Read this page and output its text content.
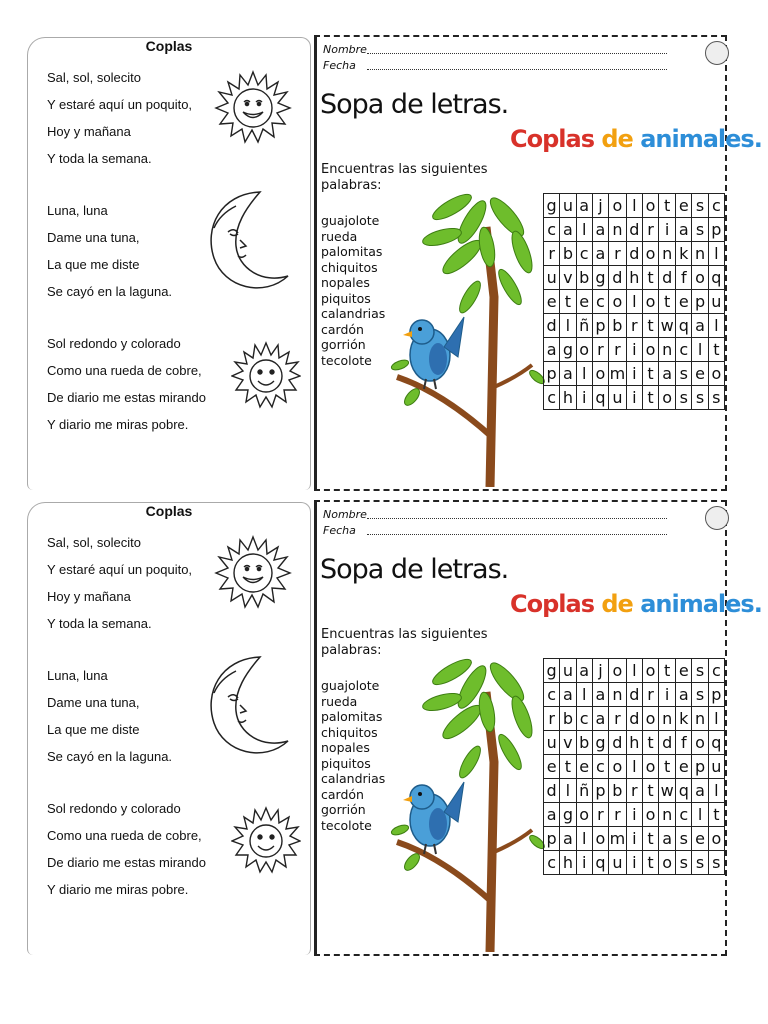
Coplas
Sal, sol, solecito
Y estaré aquí un poquito,
Hoy y mañana
Y toda la semana.
Luna, luna
Dame una tuna,
La que me diste
Se cayó en la laguna.
Sol redondo y colorado
Como una rueda de cobre,
De diario me estas mirando
Y diario me miras pobre.
Nombre
Fecha
Sopa de letras.
Coplas de animales.
Encuentras las siguientes
palabras:
guajolote
rueda
palomitas
chiquitos
nopales
piquitos
calandrias
cardón
gorrión
tecolote
g	u	a	j	o	l	o	t	e	s	c
c	a	l	a	n	d	r	i	a	s	p
r	b	c	a	r	d	o	n	k	n	l
u	v	b	g	d	h	t	d	f	o	q
e	t	e	c	o	l	o	t	e	p	u
d	l	ñ	p	b	r	t	w	q	a	l
a	g	o	r	r	i	o	n	c	l	t
p	a	l	o	m	i	t	a	s	e	o
c	h	i	q	u	i	t	o	s	s	s
Coplas
Sal, sol, solecito
Y estaré aquí un poquito,
Hoy y mañana
Y toda la semana.
Luna, luna
Dame una tuna,
La que me diste
Se cayó en la laguna.
Sol redondo y colorado
Como una rueda de cobre,
De diario me estas mirando
Y diario me miras pobre.
Nombre
Fecha
Sopa de letras.
Coplas de animales.
Encuentras las siguientes
palabras:
guajolote
rueda
palomitas
chiquitos
nopales
piquitos
calandrias
cardón
gorrión
tecolote
g	u	a	j	o	l	o	t	e	s	c
c	a	l	a	n	d	r	i	a	s	p
r	b	c	a	r	d	o	n	k	n	l
u	v	b	g	d	h	t	d	f	o	q
e	t	e	c	o	l	o	t	e	p	u
d	l	ñ	p	b	r	t	w	q	a	l
a	g	o	r	r	i	o	n	c	l	t
p	a	l	o	m	i	t	a	s	e	o
c	h	i	q	u	i	t	o	s	s	s
